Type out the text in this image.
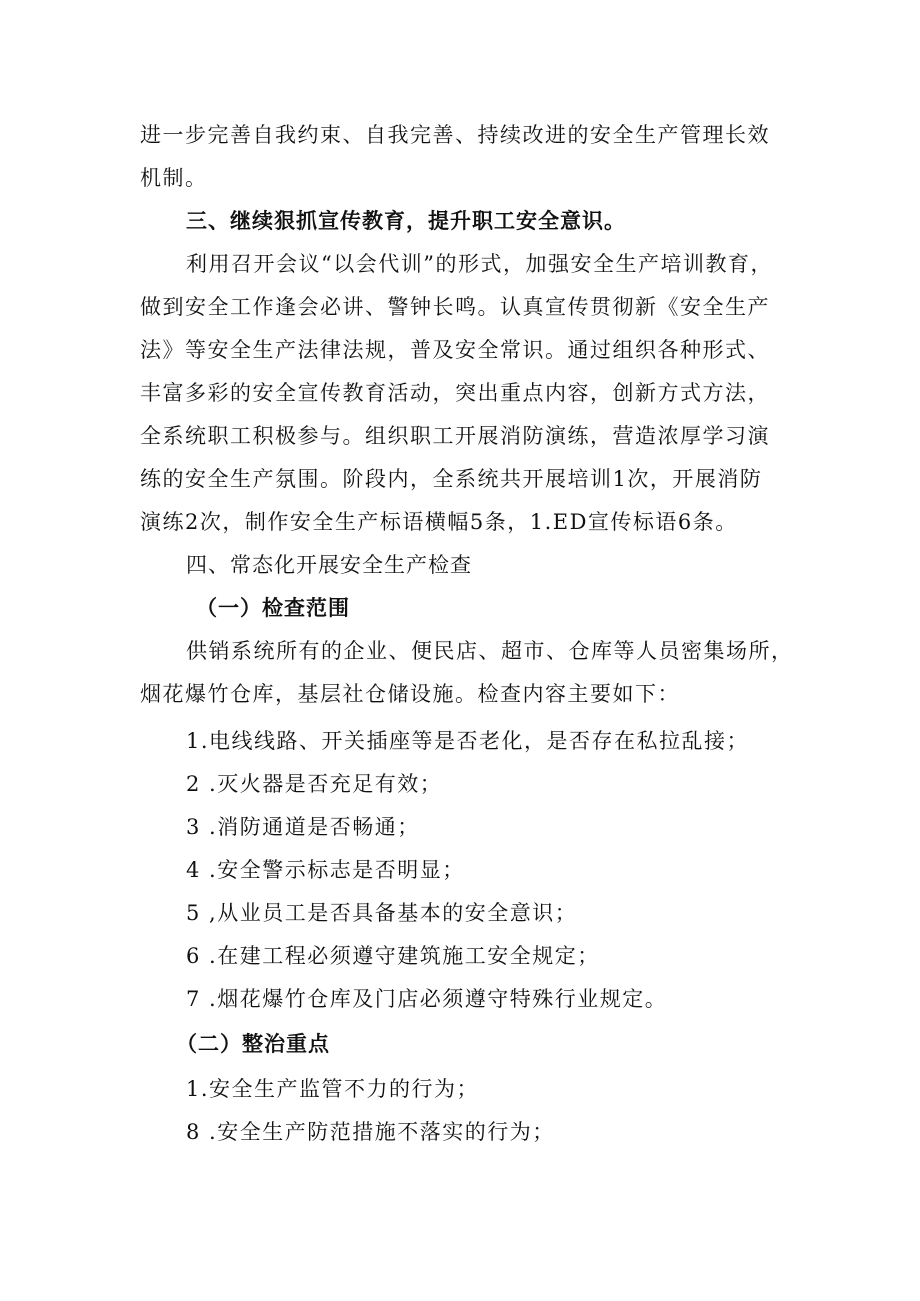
进一步完善自我约束、自我完善、持续改进的安全生产管理长效
机制。
三、继续狠抓宣传教育，提升职工安全意识。
利用召开会议“以会代训”的形式，加强安全生产培训教育，
做到安全工作逢会必讲、警钟长鸣。认真宣传贯彻新《安全生产
法》等安全生产法律法规，普及安全常识。通过组织各种形式、
丰富多彩的安全宣传教育活动，突出重点内容，创新方式方法，
全系统职工积极参与。组织职工开展消防演练，营造浓厚学习演
练的安全生产氛围。阶段内，全系统共开展培训1次，开展消防
演练2次，制作安全生产标语横幅5条，1.ED宣传标语6条。
四、常态化开展安全生产检查
（一）检查范围
供销系统所有的企业、便民店、超市、仓库等人员密集场所，
烟花爆竹仓库，基层社仓储设施。检查内容主要如下：
1.电线线路、开关插座等是否老化，是否存在私拉乱接；
2 .灭火器是否充足有效；
3 .消防通道是否畅通；
4 .安全警示标志是否明显；
5 ,从业员工是否具备基本的安全意识；
6 .在建工程必须遵守建筑施工安全规定；
7 .烟花爆竹仓库及门店必须遵守特殊行业规定。
（二）整治重点
1.安全生产监管不力的行为；
8 .安全生产防范措施不落实的行为；
